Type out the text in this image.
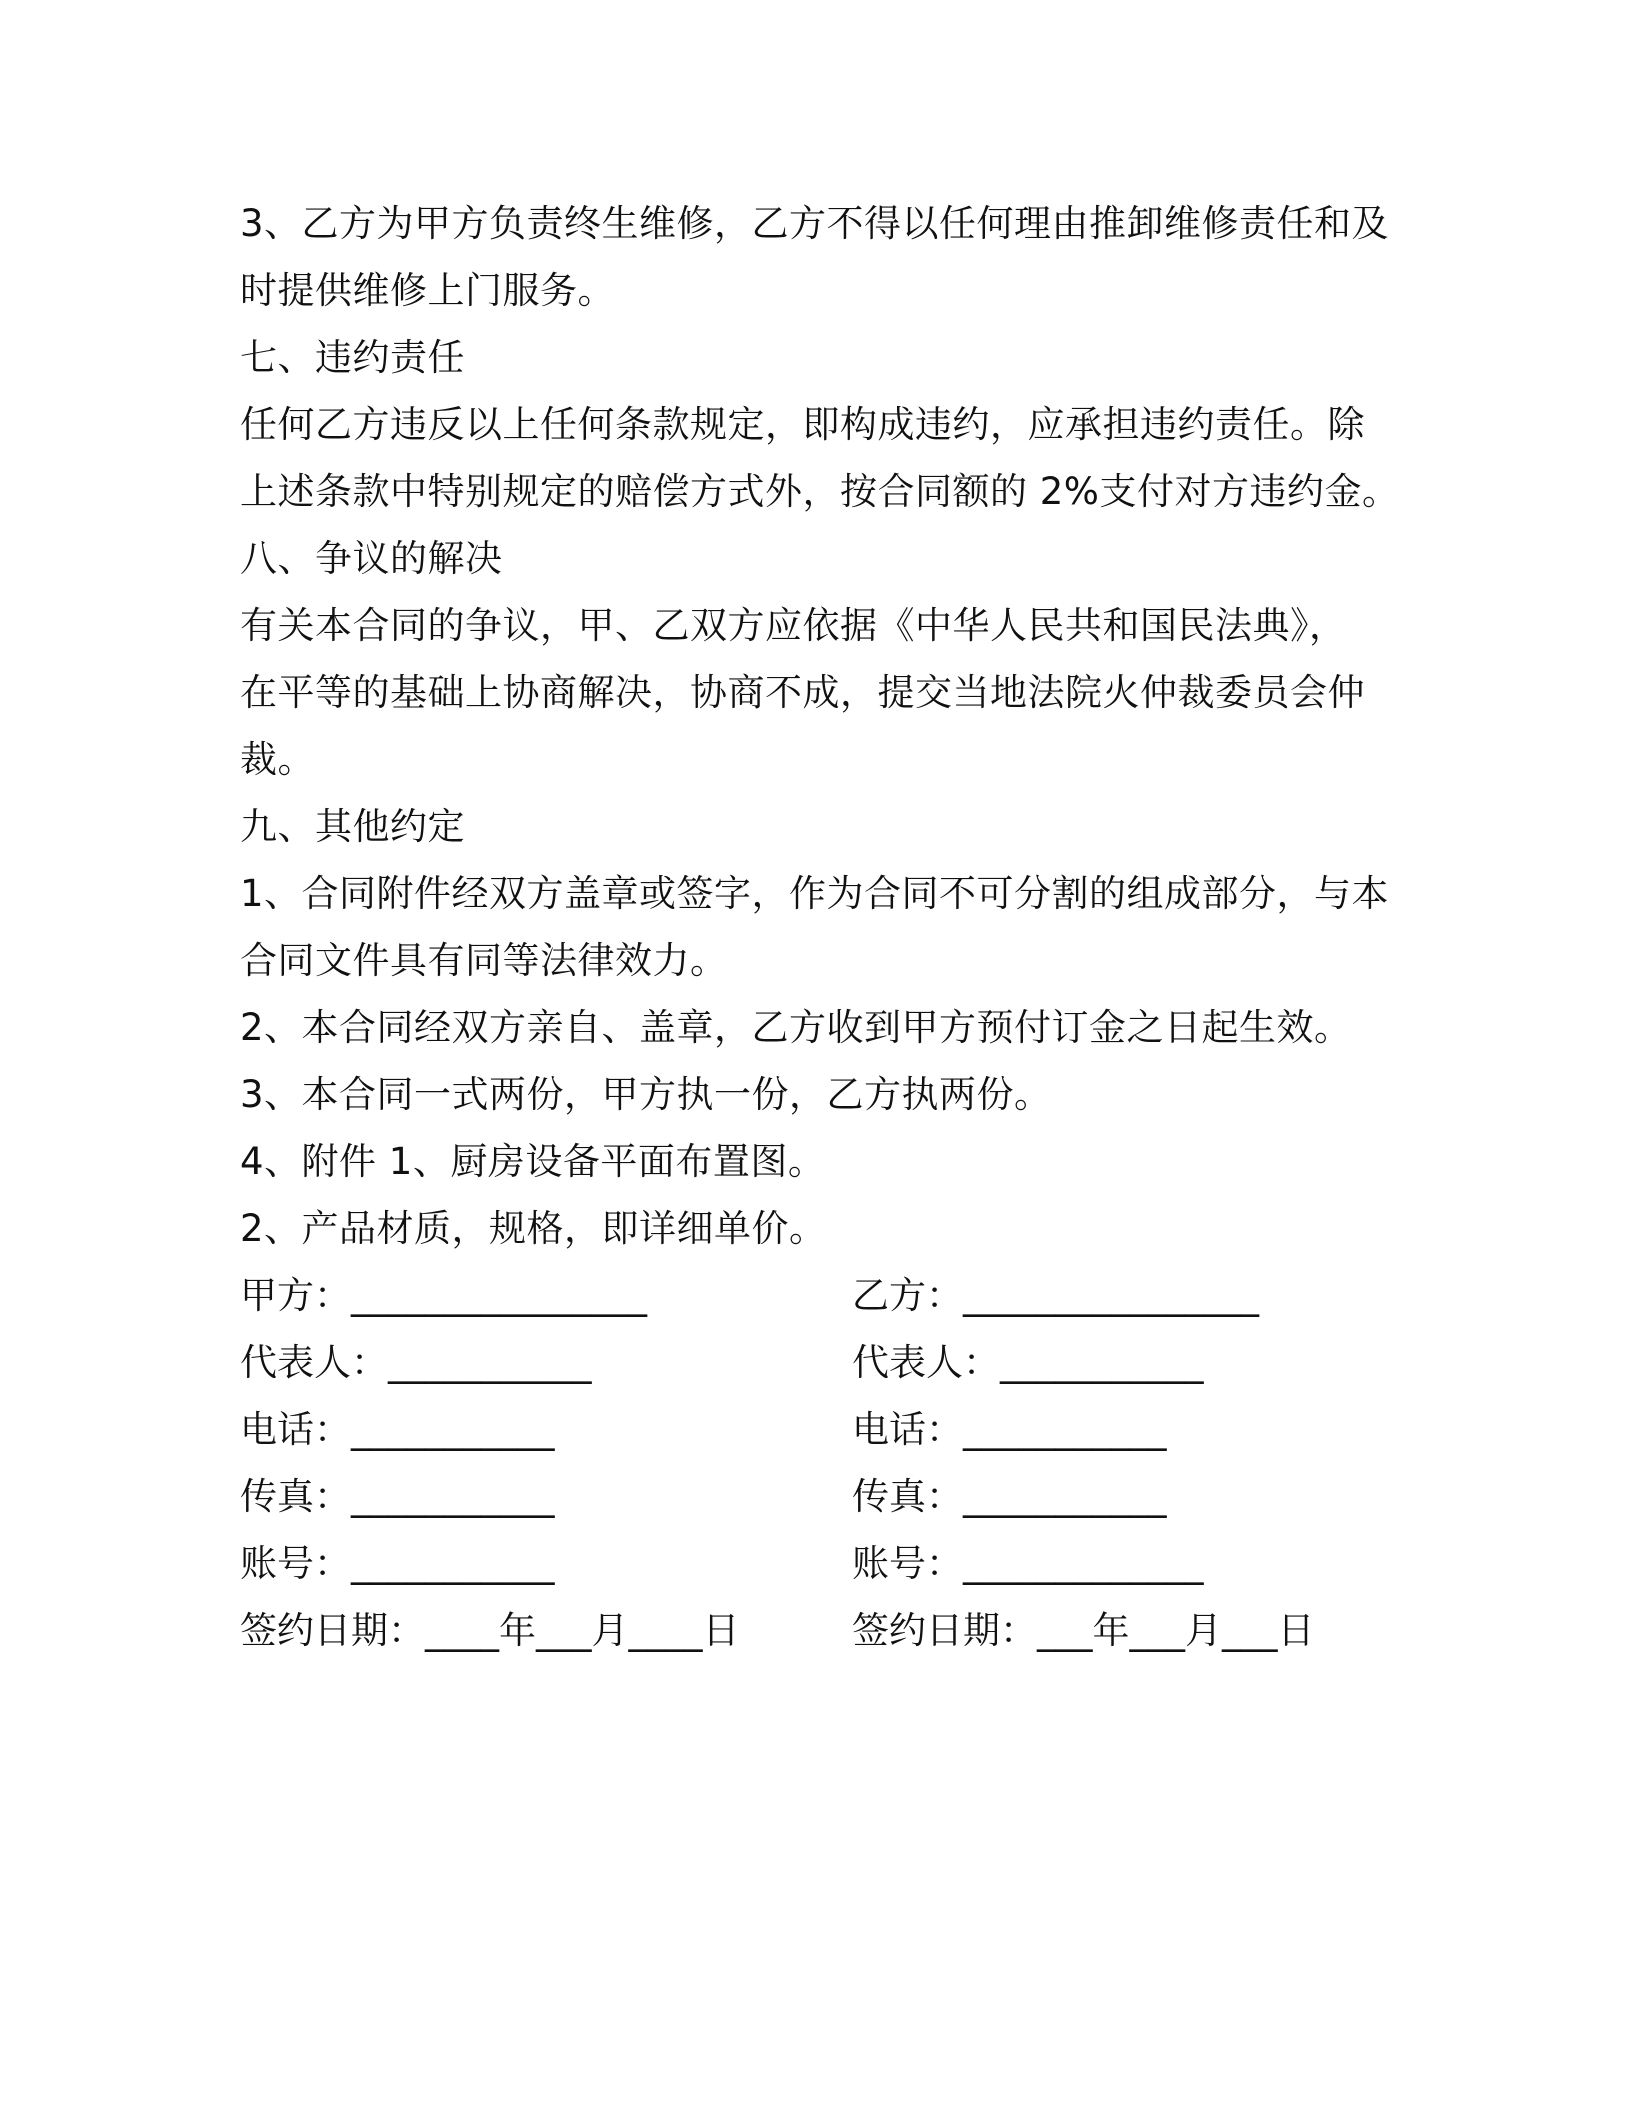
3、乙方为甲方负责终生维修，乙方不得以任何理由推卸维修责任和及
时提供维修上门服务。
七、违约责任
任何乙方违反以上任何条款规定，即构成违约，应承担违约责任。除
上述条款中特别规定的赔偿方式外，按合同额的 2%支付对方违约金。
八、争议的解决
有关本合同的争议，甲、乙双方应依据《中华人民共和国民法典》，
在平等的基础上协商解决，协商不成，提交当地法院火仲裁委员会仲
裁。
九、其他约定
1、合同附件经双方盖章或签字，作为合同不可分割的组成部分，与本
合同文件具有同等法律效力。
2、本合同经双方亲自、盖章，乙方收到甲方预付订金之日起生效。
3、本合同一式两份，甲方执一份，乙方执两份。
4、附件 1、厨房设备平面布置图。
2、产品材质，规格，即详细单价。
甲方：________________	乙方：________________
代表人：___________	代表人：___________
电话：___________	电话：___________
传真：___________	传真：___________
账号：___________	账号：_____________
签约日期：____年___月____日	签约日期：___年___月___日
